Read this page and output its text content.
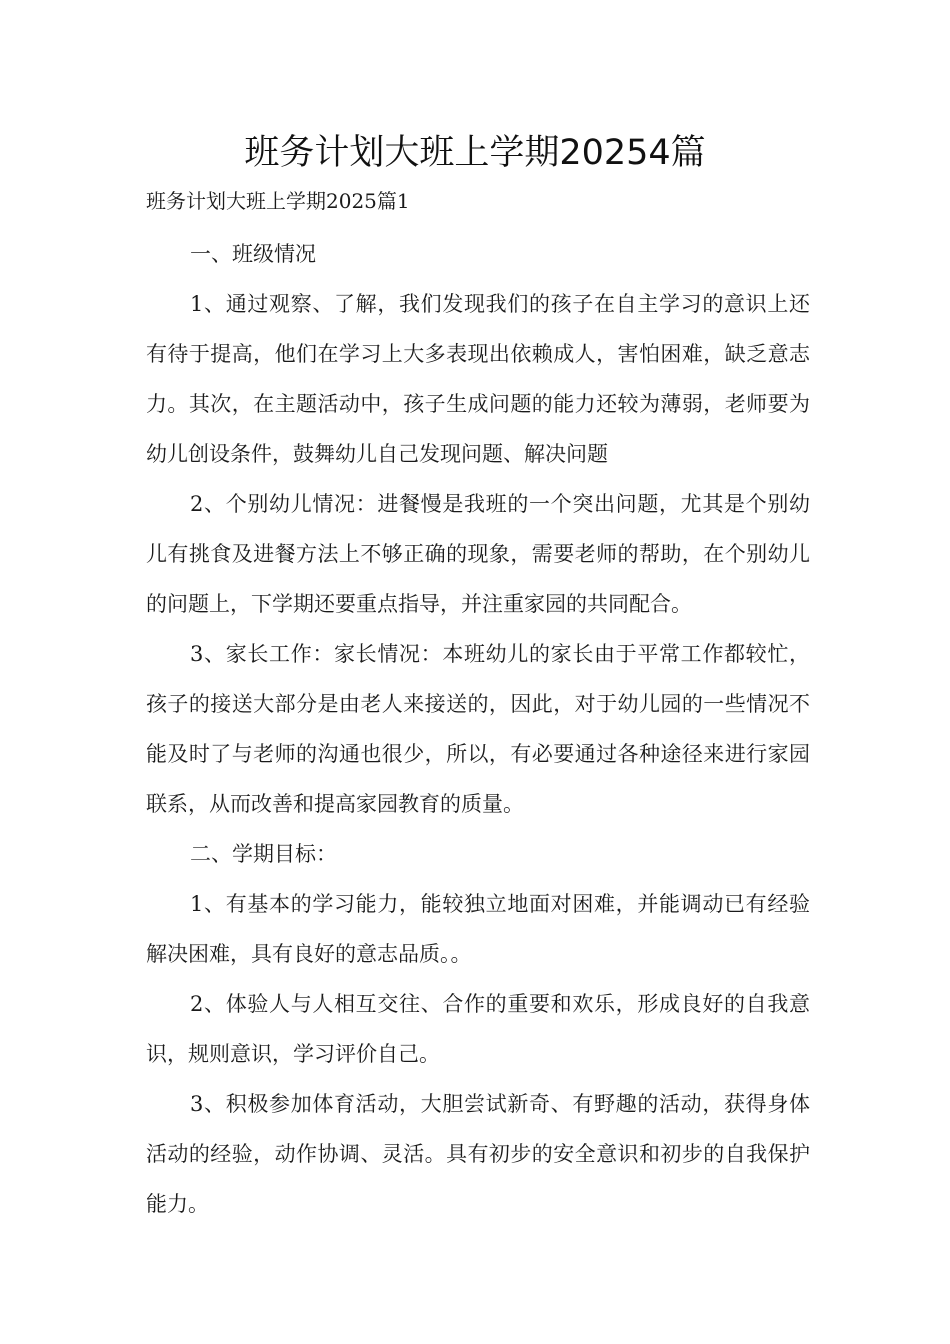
班务计划大班上学期20254篇
班务计划大班上学期2025篇1

一、班级情况

1、通过观察、了解，我们发现我们的孩子在自主学习的意识上还有待于提高，他们在学习上大多表现出依赖成人，害怕困难，缺乏意志力。其次，在主题活动中，孩子生成问题的能力还较为薄弱，老师要为幼儿创设条件，鼓舞幼儿自己发现问题、解决问题

2、个别幼儿情况：进餐慢是我班的一个突出问题，尤其是个别幼儿有挑食及进餐方法上不够正确的现象，需要老师的帮助，在个别幼儿的问题上，下学期还要重点指导，并注重家园的共同配合。

3、家长工作：家长情况：本班幼儿的家长由于平常工作都较忙，孩子的接送大部分是由老人来接送的，因此，对于幼儿园的一些情况不能及时了与老师的沟通也很少，所以，有必要通过各种途径来进行家园联系，从而改善和提高家园教育的质量。

二、学期目标：

1、有基本的学习能力，能较独立地面对困难，并能调动已有经验解决困难，具有良好的意志品质。。

2、体验人与人相互交往、合作的重要和欢乐，形成良好的自我意识，规则意识，学习评价自己。

3、积极参加体育活动，大胆尝试新奇、有野趣的活动，获得身体活动的经验，动作协调、灵活。具有初步的安全意识和初步的自我保护能力。
